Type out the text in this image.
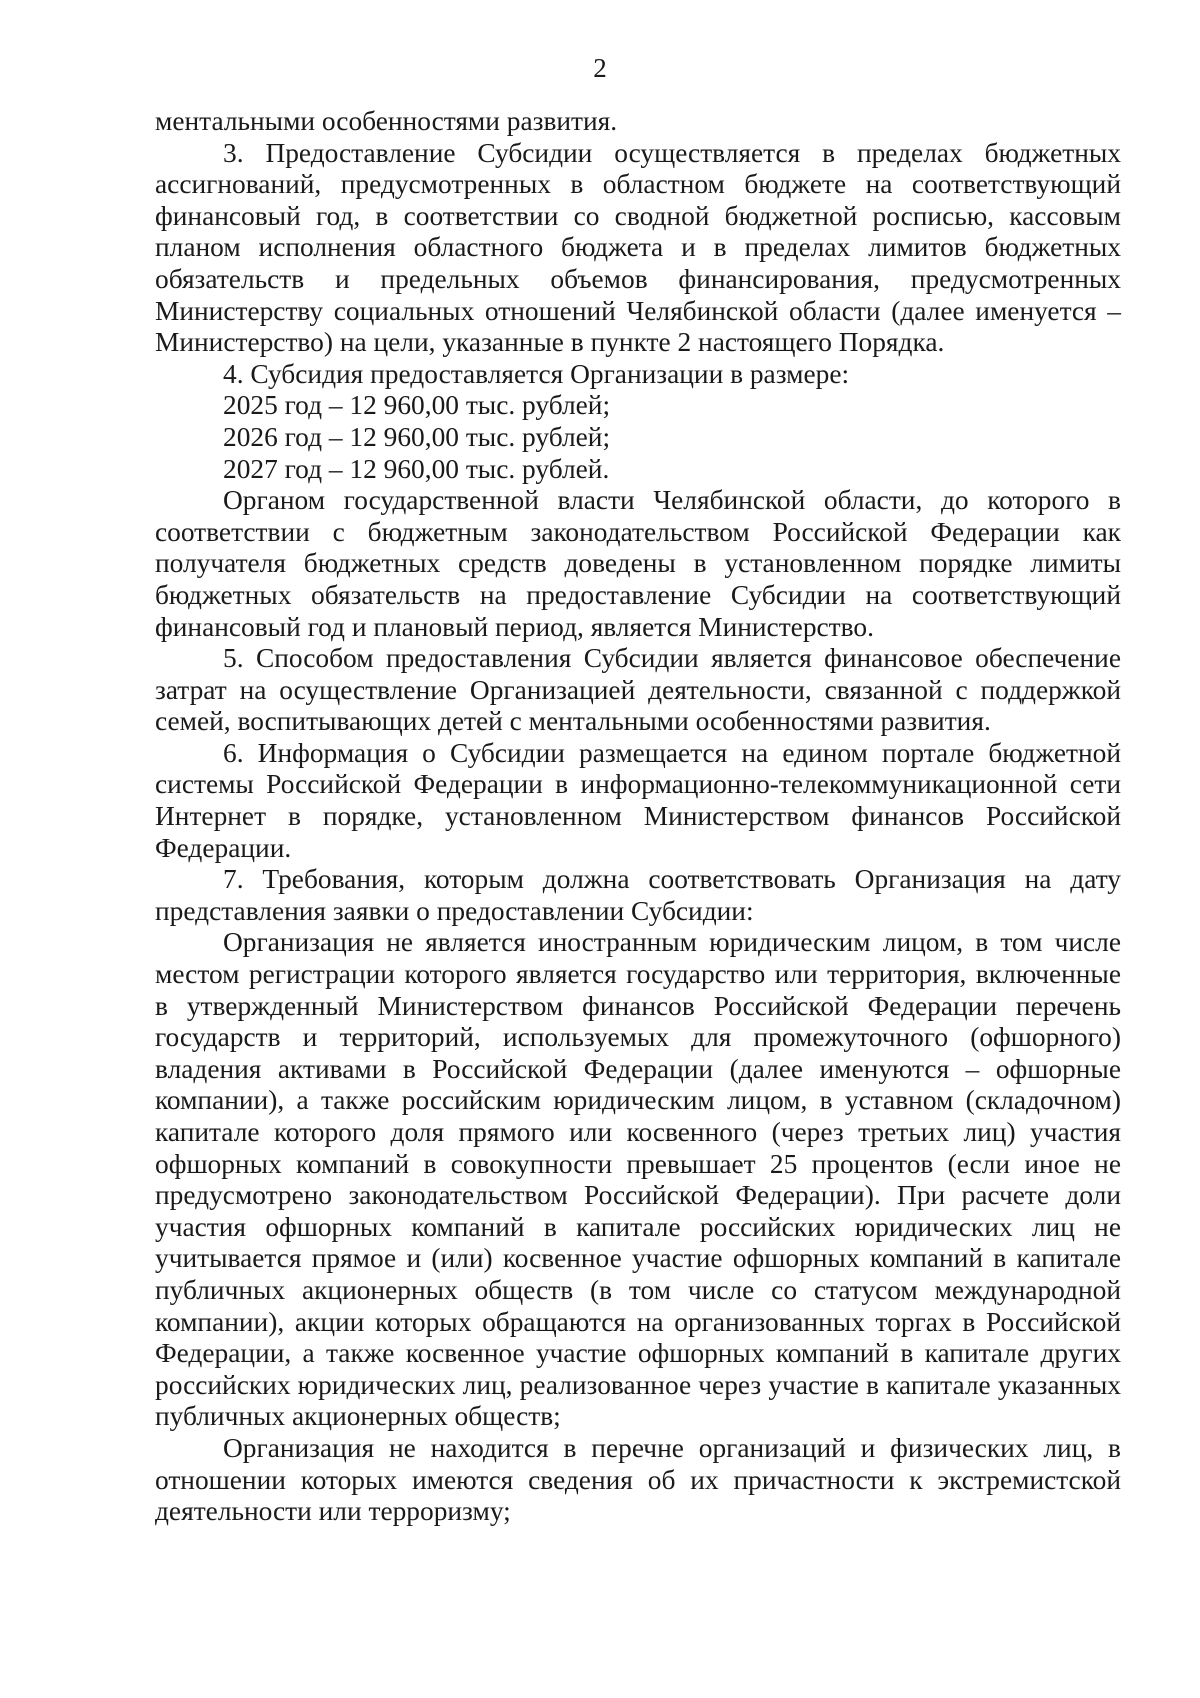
2

ментальными особенностями развития.

3. Предоставление Субсидии осуществляется в пределах бюджетных ассигнований, предусмотренных в областном бюджете на соответствующий финансовый год, в соответствии со сводной бюджетной росписью, кассовым планом исполнения областного бюджета и в пределах лимитов бюджетных обязательств и предельных объемов финансирования, предусмотренных Министерству социальных отношений Челябинской области (далее именуется – Министерство) на цели, указанные в пункте 2 настоящего Порядка.

4. Субсидия предоставляется Организации в размере:

2025 год – 12 960,00 тыс. рублей;

2026 год – 12 960,00 тыс. рублей;

2027 год – 12 960,00 тыс. рублей.

Органом государственной власти Челябинской области, до которого в соответствии с бюджетным законодательством Российской Федерации как получателя бюджетных средств доведены в установленном порядке лимиты бюджетных обязательств на предоставление Субсидии на соответствующий финансовый год и плановый период, является Министерство.

5. Способом предоставления Субсидии является финансовое обеспечение затрат на осуществление Организацией деятельности, связанной с поддержкой семей, воспитывающих детей с ментальными особенностями развития.

6. Информация о Субсидии размещается на едином портале бюджетной системы Российской Федерации в информационно-телекоммуникационной сети Интернет в порядке, установленном Министерством финансов Российской Федерации.

7. Требования, которым должна соответствовать Организация на дату представления заявки о предоставлении Субсидии:

Организация не является иностранным юридическим лицом, в том числе местом регистрации которого является государство или территория, включенные в утвержденный Министерством финансов Российской Федерации перечень государств и территорий, используемых для промежуточного (офшорного) владения активами в Российской Федерации (далее именуются – офшорные компании), а также российским юридическим лицом, в уставном (складочном) капитале которого доля прямого или косвенного (через третьих лиц) участия офшорных компаний в совокупности превышает 25 процентов (если иное не предусмотрено законодательством Российской Федерации). При расчете доли участия офшорных компаний в капитале российских юридических лиц не учитывается прямое и (или) косвенное участие офшорных компаний в капитале публичных акционерных обществ (в том числе со статусом международной компании), акции которых обращаются на организованных торгах в Российской Федерации, а также косвенное участие офшорных компаний в капитале других российских юридических лиц, реализованное через участие в капитале указанных публичных акционерных обществ;

Организация не находится в перечне организаций и физических лиц, в отношении которых имеются сведения об их причастности к экстремистской деятельности или терроризму;
